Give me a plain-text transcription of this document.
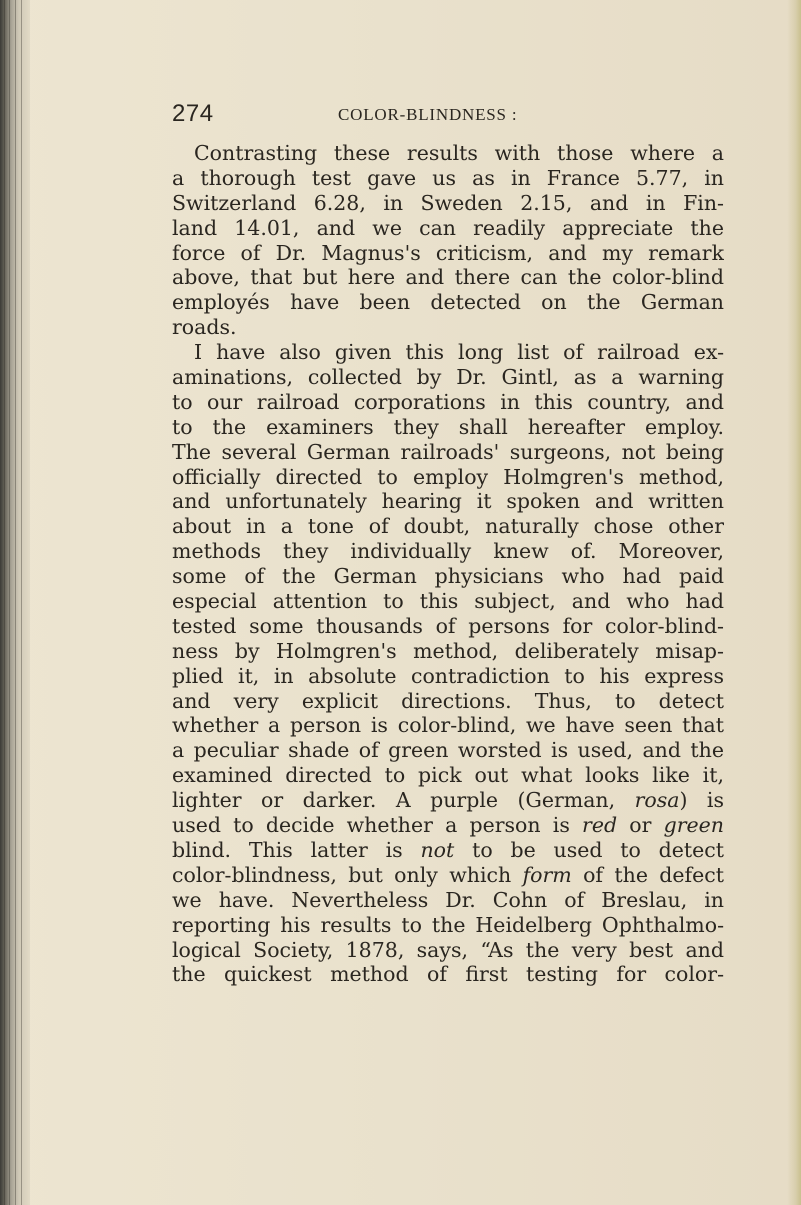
274	COLOR-BLINDNESS :
Contrasting these results with those where a
a thorough test gave us as in France 5.77, in
Switzerland 6.28, in Sweden 2.15, and in Fin-
land 14.01, and we can readily appreciate the
force of Dr. Magnus's criticism, and my remark
above, that but here and there can the color-blind
employés have been detected on the German
roads.
I have also given this long list of railroad ex-
aminations, collected by Dr. Gintl, as a warning
to our railroad corporations in this country, and
to the examiners they shall hereafter employ.
The several German railroads' surgeons, not being
officially directed to employ Holmgren's method,
and unfortunately hearing it spoken and written
about in a tone of doubt, naturally chose other
methods they individually knew of. Moreover,
some of the German physicians who had paid
especial attention to this subject, and who had
tested some thousands of persons for color-blind-
ness by Holmgren's method, deliberately misap-
plied it, in absolute contradiction to his express
and very explicit directions. Thus, to detect
whether a person is color-blind, we have seen that
a peculiar shade of green worsted is used, and the
examined directed to pick out what looks like it,
lighter or darker. A purple (German, rosa) is
used to decide whether a person is red or green
blind. This latter is not to be used to detect
color-blindness, but only which form of the defect
we have. Nevertheless Dr. Cohn of Breslau, in
reporting his results to the Heidelberg Ophthalmo-
logical Society, 1878, says, “As the very best and
the quickest method of first testing for color-
